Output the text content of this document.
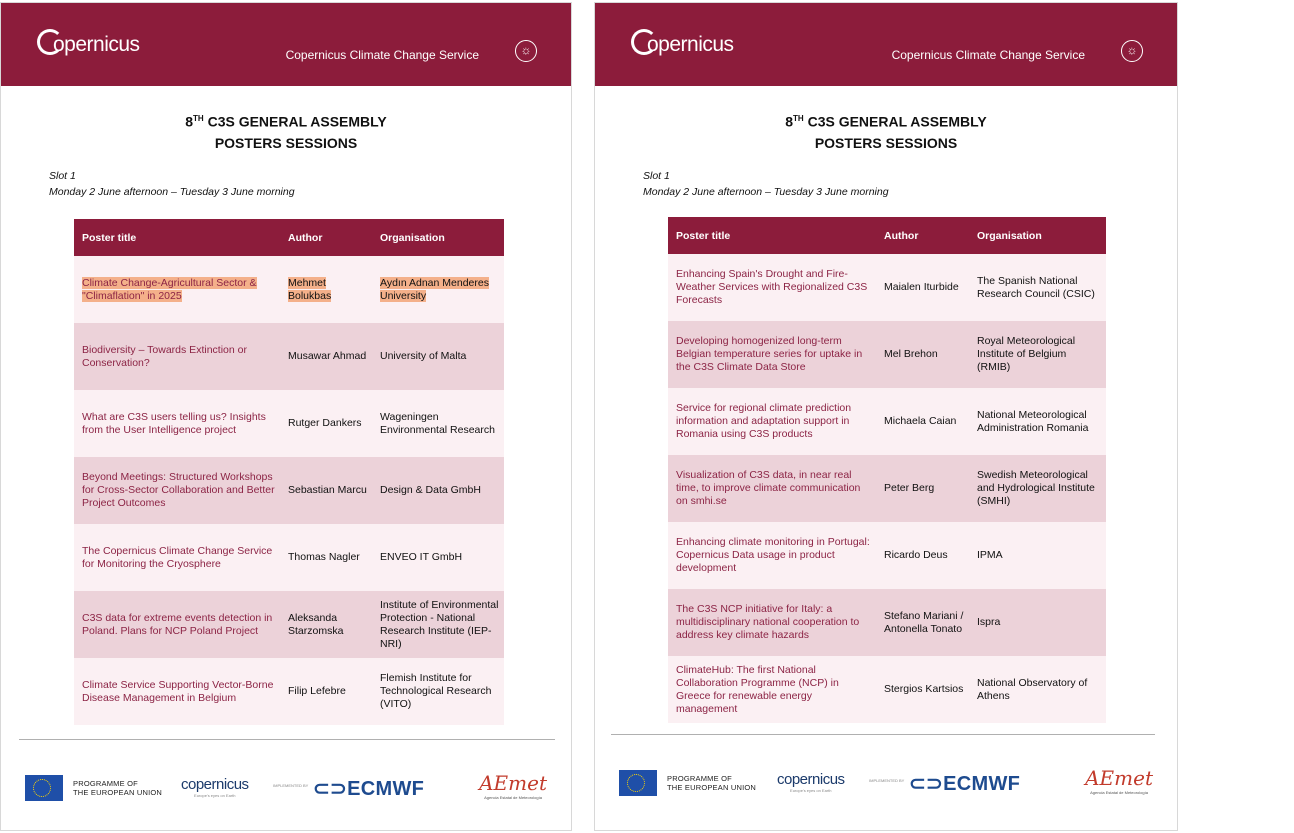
opernicus	Copernicus Climate Change Service	☼
8TH C3S GENERAL ASSEMBLY
POSTERS SESSIONS
Slot 1
Monday 2 June afternoon – Tuesday 3 June morning
Poster title	Author	Organisation
Climate Change-Agricultural Sector & "Climaflation" in 2025	Mehmet Bolukbas	Aydın Adnan Menderes University
Biodiversity – Towards Extinction or Conservation?	Musawar Ahmad	University of Malta
What are C3S users telling us? Insights from the User Intelligence project	Rutger Dankers	Wageningen Environmental Research
Beyond Meetings: Structured Workshops for Cross-Sector Collaboration and Better Project Outcomes	Sebastian Marcu	Design & Data GmbH
The Copernicus Climate Change Service for Monitoring the Cryosphere	Thomas Nagler	ENVEO IT GmbH
C3S data for extreme events detection in Poland. Plans for NCP Poland Project	Aleksanda Starzomska	Institute of Environmental Protection - National Research Institute (IEP-NRI)
Climate Service Supporting Vector-Borne Disease Management in Belgium	Filip Lefebre	Flemish Institute for Technological Research (VITO)
PROGRAMME OF
THE EUROPEAN UNION copernicus
Europe's eyes on Earth
IMPLEMENTED BY ⊂⊃ECMWF	AEmet
Agencia Estatal de Meteorología
opernicus	Copernicus Climate Change Service	☼
8TH C3S GENERAL ASSEMBLY
POSTERS SESSIONS
Slot 1
Monday 2 June afternoon – Tuesday 3 June morning
Poster title	Author	Organisation
Enhancing Spain's Drought and Fire-Weather Services with Regionalized C3S Forecasts	Maialen Iturbide	The Spanish National Research Council (CSIC)
Developing homogenized long-term Belgian temperature series for uptake in the C3S Climate Data Store	Mel Brehon	Royal Meteorological Institute of Belgium (RMIB)
Service for regional climate prediction information and adaptation support in Romania using C3S products	Michaela Caian	National Meteorological Administration Romania
Visualization of C3S data, in near real time, to improve climate communication on smhi.se	Peter Berg	Swedish Meteorological and Hydrological Institute (SMHI)
Enhancing climate monitoring in Portugal: Copernicus Data usage in product development	Ricardo Deus	IPMA
The C3S NCP initiative for Italy: a multidisciplinary national cooperation to address key climate hazards	Stefano Mariani / Antonella Tonato	Ispra
ClimateHub: The first National Collaboration Programme (NCP) in Greece for renewable energy management	Stergios Kartsios	National Observatory of Athens
PROGRAMME OF
THE EUROPEAN UNION copernicus
Europe's eyes on Earth
IMPLEMENTED BY ⊂⊃ECMWF	AEmet
Agencia Estatal de Meteorología
